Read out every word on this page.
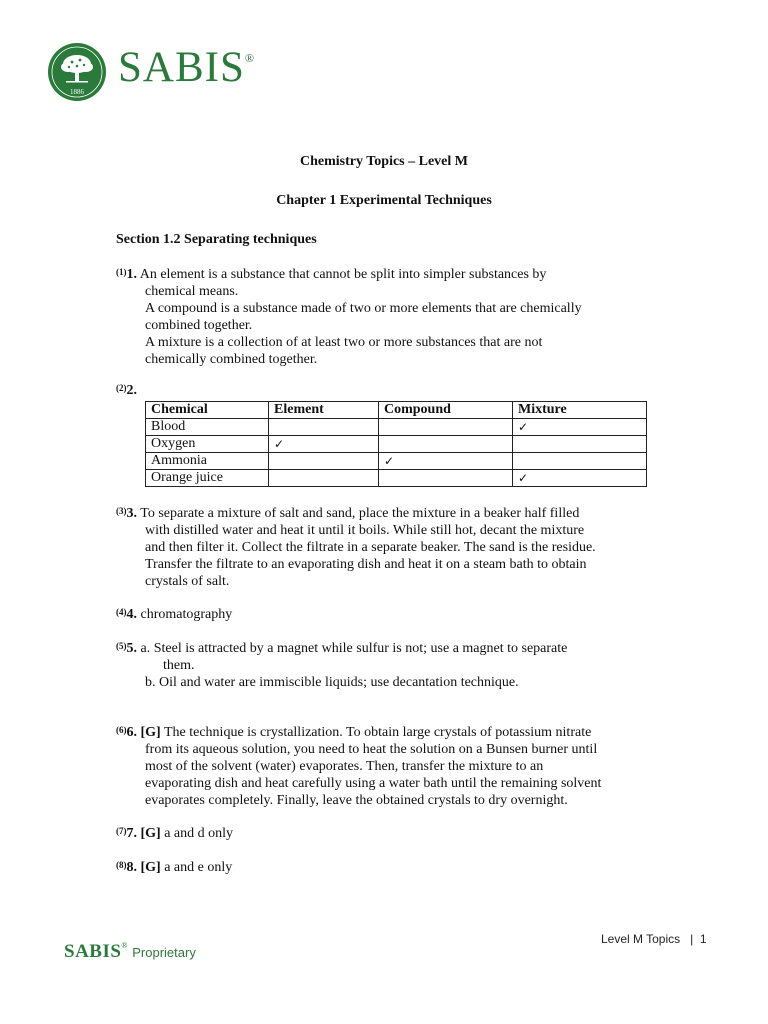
1886
SABIS®
Chemistry Topics – Level M
Chapter 1 Experimental Techniques
Section 1.2 Separating techniques
$^{(1)}$1. An element is a substance that cannot be split into simpler substances by
chemical means.
A compound is a substance made of two or more elements that are chemically
combined together.
A mixture is a collection of at least two or more substances that are not
chemically combined together.
$^{(2)}$2.
Chemical	Element	Compound	Mixture
Blood			✓
Oxygen	✓		
Ammonia		✓	
Orange juice			✓
$^{(3)}$3. To separate a mixture of salt and sand, place the mixture in a beaker half filled
with distilled water and heat it until it boils. While still hot, decant the mixture
and then filter it. Collect the filtrate in a separate beaker. The sand is the residue.
Transfer the filtrate to an evaporating dish and heat it on a steam bath to obtain
crystals of salt.
$^{(4)}$4. chromatography
$^{(5)}$5. a. Steel is attracted by a magnet while sulfur is not; use a magnet to separate
them.
b. Oil and water are immiscible liquids; use decantation technique.
$^{(6)}$6. [G] The technique is crystallization. To obtain large crystals of potassium nitrate
from its aqueous solution, you need to heat the solution on a Bunsen burner until
most of the solvent (water) evaporates. Then, transfer the mixture to an
evaporating dish and heat carefully using a water bath until the remaining solvent
evaporates completely. Finally, leave the obtained crystals to dry overnight.
$^{(7)}$7. [G] a and d only
$^{(8)}$8. [G] a and e only
Level M Topics   |  1
SABIS® Proprietary
